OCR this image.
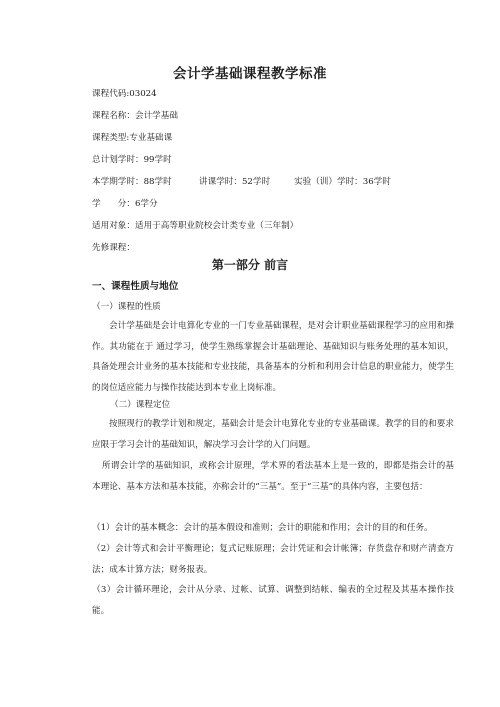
会计学基础课程教学标准
课程代码:03024
课程名称：会计学基础
课程类型:专业基础课
总计划学时：99学时
本学期学时：88学时	讲课学时：52学时	实验（训）学时：36学时
学　　分：6学分
适用对象：适用于高等职业院校会计类专业（三年制）
先修课程：
第一部分 前言
一、课程性质与地位
（一）课程的性质
会计学基础是会计电算化专业的一门专业基础课程，是对会计职业基础课程学习的应用和操作。其功能在于 通过学习，使学生熟练掌握会计基础理论、基础知识与账务处理的基本知识，具备处理会计业务的基本技能和专业技能，具备基本的分析和利用会计信息的职业能力，使学生的岗位适应能力与操作技能达到本专业上岗标准。
（二）课程定位
按照现行的教学计划和规定，基础会计是会计电算化专业的专业基础课。教学的目的和要求应限于学习会计的基础知识，解决学习会计学的入门问题。
所谓会计学的基础知识，或称会计原理，学术界的看法基本上是一致的，即都是指会计的基本理论、基本方法和基本技能，亦称会计的“三基”。至于“三基”的具体内容，主要包括：
（1）会计的基本概念：会计的基本假设和准则；会计的职能和作用；会计的目的和任务。
（2）会计等式和会计平衡理论；复式记账原理；会计凭证和会计帐簿；存货盘存和财产清查方法；成本计算方法；财务报表。
（3）会计循环理论，会计从分录、过帐、试算、调整到结帐、编表的全过程及其基本操作技能。
